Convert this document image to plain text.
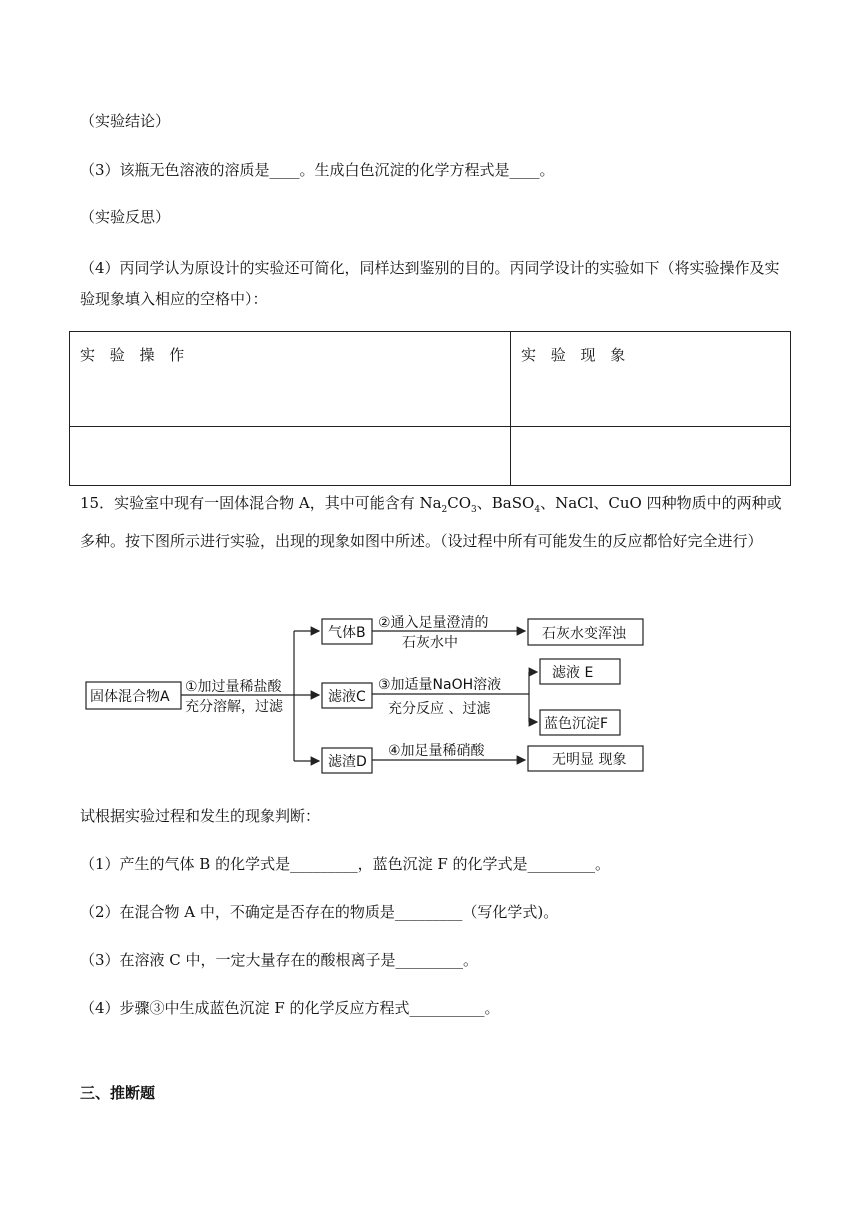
（实验结论）
（3）该瓶无色溶液的溶质是____。生成白色沉淀的化学方程式是____。
（实验反思）
（4）丙同学认为原设计的实验还可简化，同样达到鉴别的目的。丙同学设计的实验如下（将实验操作及实验现象填入相应的空格中）：
实 验 操 作	实 验 现 象

15．实验室中现有一固体混合物 A，其中可能含有 $Na_2CO_3$、BaSO$_4$、NaCl、CuO 四种物质中的两种或多种。按下图所示进行实验，出现的现象如图中所述。（设过程中所有可能发生的反应都恰好完全进行）
固体混合物A
①加过量稀盐酸
充分溶解，过滤
气体B
②通入足量澄清的
石灰水中
石灰水变浑浊
滤液C
③加适量NaOH溶液
充分反应 、过滤
滤液 E
蓝色沉淀F
滤渣D
④加足量稀硝酸
无明显 现象
试根据实验过程和发生的现象判断：
（1）产生的气体 B 的化学式是_________，蓝色沉淀 F 的化学式是_________。
（2）在混合物 A 中，不确定是否存在的物质是_________（写化学式)。
（3）在溶液 C 中，一定大量存在的酸根离子是_________。
（4）步骤③中生成蓝色沉淀 F 的化学反应方程式__________。
三、推断题
